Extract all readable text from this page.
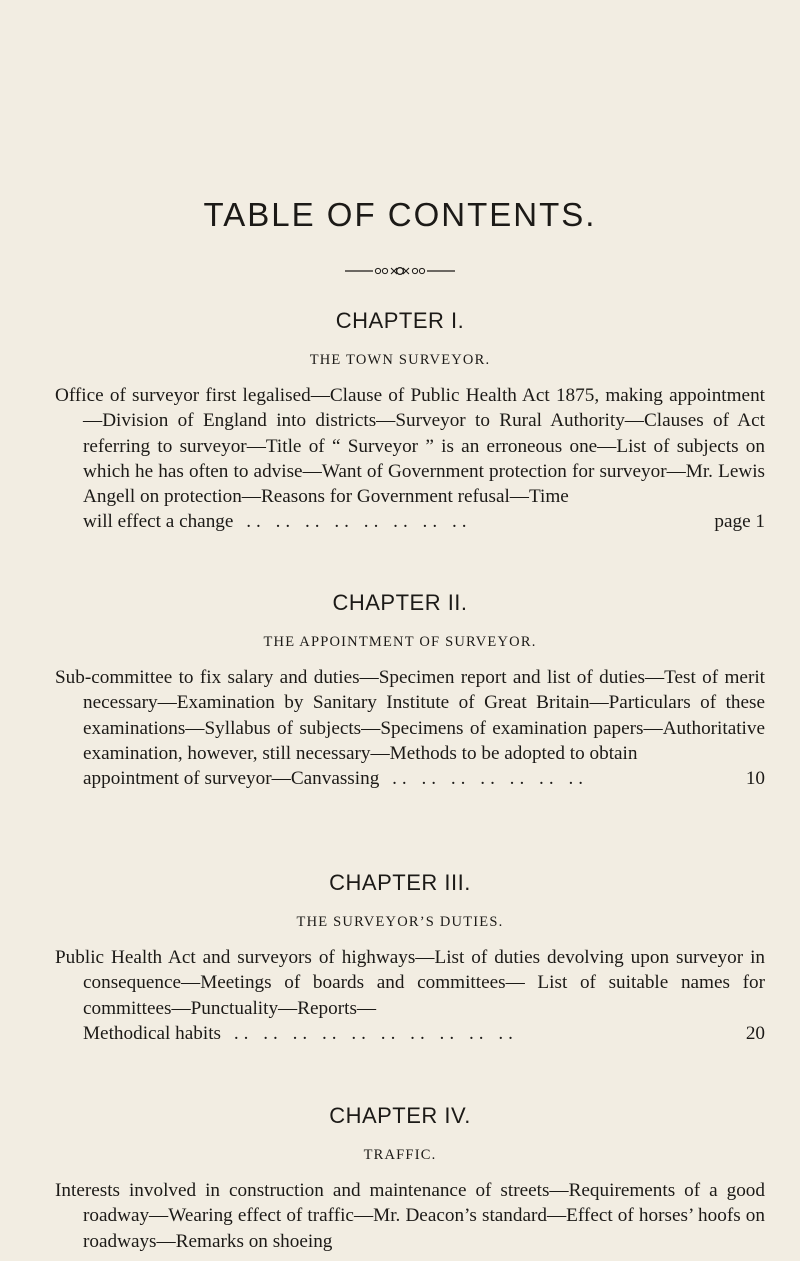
TABLE OF CONTENTS.
CHAPTER I.
THE TOWN SURVEYOR.

Office of surveyor first legalised—Clause of Public Health Act 1875, making appointment—Division of England into districts—Surveyor to Rural Authority—Clauses of Act referring to surveyor—Title of “ Surveyor ” is an erroneous one—List of subjects on which he has often to advise—Want of Government protection for surveyor—Mr. Lewis Angell on protection—Reasons for Government refusal—Time
will effect a change .. .. .. .. .. .. .. ..	page 1

CHAPTER II.
THE APPOINTMENT OF SURVEYOR.

Sub-committee to fix salary and duties—Specimen report and list of duties—Test of merit necessary—Examination by Sanitary Institute of Great Britain—Particulars of these examinations—Syllabus of subjects—Specimens of examination papers—Authoritative examination, however, still necessary—Methods to be adopted to obtain
appointment of surveyor—Canvassing .. .. .. .. .. .. ..	10

CHAPTER III.
THE SURVEYOR’S DUTIES.

Public Health Act and surveyors of highways—List of duties devolving upon surveyor in consequence—Meetings of boards and committees— List of suitable names for committees—Punctuality—Reports—
Methodical habits .. .. .. .. .. .. .. .. .. ..	20

CHAPTER IV.
TRAFFIC.

Interests involved in construction and maintenance of streets—Requirements of a good roadway—Wearing effect of traffic—Mr. Deacon’s standard—Effect of horses’ hoofs on roadways—Remarks on shoeing
